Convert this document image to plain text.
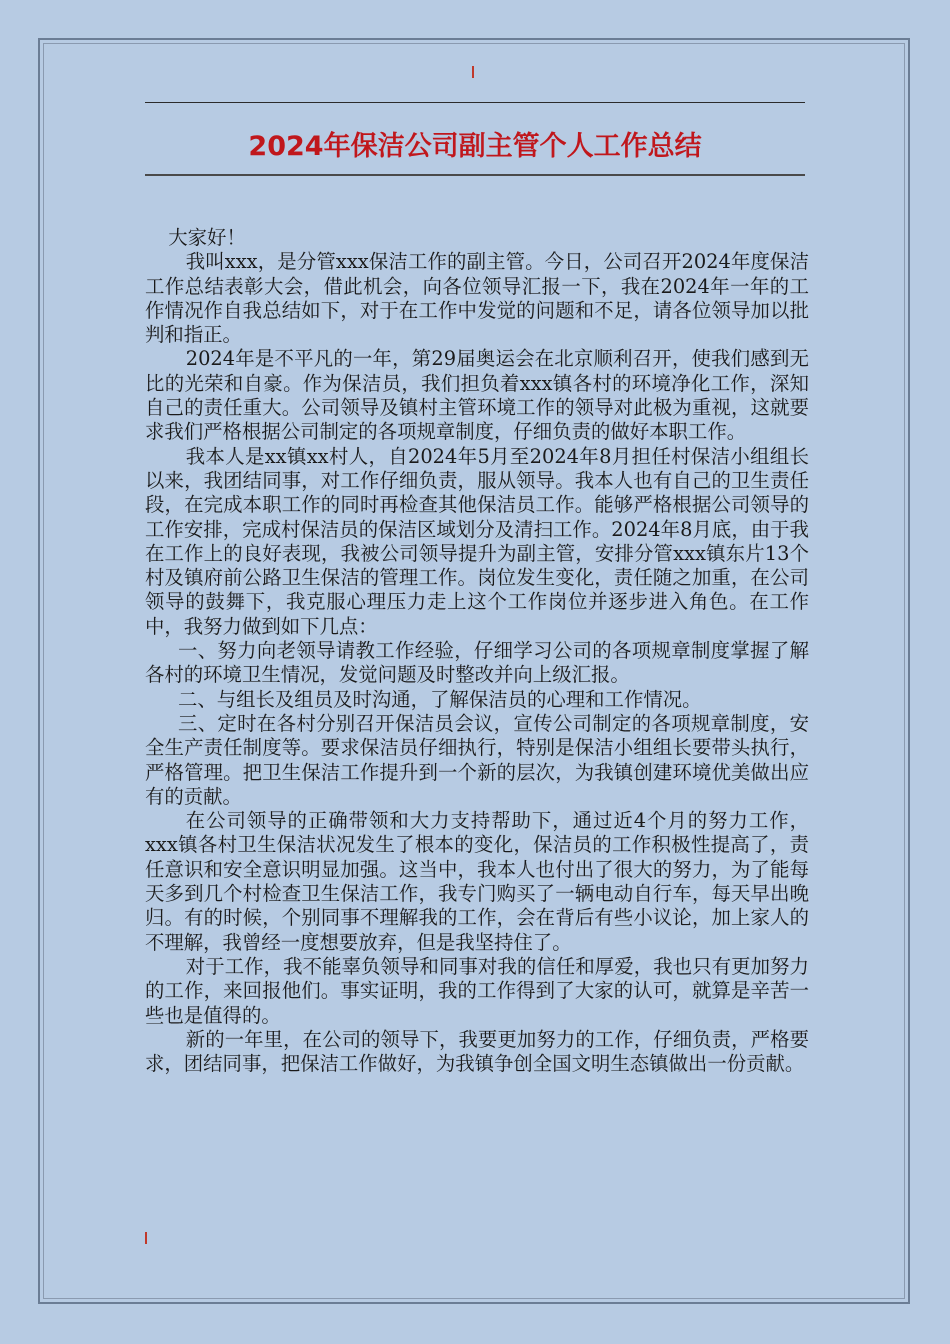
2024年保洁公司副主管个人工作总结

大家好！

我叫xxx，是分管xxx保洁工作的副主管。今日，公司召开2024年度保洁工作总结表彰大会，借此机会，向各位领导汇报一下，我在2024年一年的工作情况作自我总结如下，对于在工作中发觉的问题和不足，请各位领导加以批判和指正。

2024年是不平凡的一年，第29届奥运会在北京顺利召开，使我们感到无比的光荣和自豪。作为保洁员，我们担负着xxx镇各村的环境净化工作，深知自己的责任重大。公司领导及镇村主管环境工作的领导对此极为重视，这就要求我们严格根据公司制定的各项规章制度，仔细负责的做好本职工作。

我本人是xx镇xx村人，自2024年5月至2024年8月担任村保洁小组组长以来，我团结同事，对工作仔细负责，服从领导。我本人也有自己的卫生责任段，在完成本职工作的同时再检查其他保洁员工作。能够严格根据公司领导的工作安排，完成村保洁员的保洁区域划分及清扫工作。2024年8月底，由于我在工作上的良好表现，我被公司领导提升为副主管，安排分管xxx镇东片13个村及镇府前公路卫生保洁的管理工作。岗位发生变化，责任随之加重，在公司领导的鼓舞下，我克服心理压力走上这个工作岗位并逐步进入角色。在工作中，我努力做到如下几点：

一、努力向老领导请教工作经验，仔细学习公司的各项规章制度掌握了解各村的环境卫生情况，发觉问题及时整改并向上级汇报。

二、与组长及组员及时沟通，了解保洁员的心理和工作情况。

三、定时在各村分别召开保洁员会议，宣传公司制定的各项规章制度，安全生产责任制度等。要求保洁员仔细执行，特别是保洁小组组长要带头执行，严格管理。把卫生保洁工作提升到一个新的层次，为我镇创建环境优美做出应有的贡献。

在公司领导的正确带领和大力支持帮助下，通过近4个月的努力工作，xxx镇各村卫生保洁状况发生了根本的变化，保洁员的工作积极性提高了，责任意识和安全意识明显加强。这当中，我本人也付出了很大的努力，为了能每天多到几个村检查卫生保洁工作，我专门购买了一辆电动自行车，每天早出晚归。有的时候，个别同事不理解我的工作，会在背后有些小议论，加上家人的不理解，我曾经一度想要放弃，但是我坚持住了。

对于工作，我不能辜负领导和同事对我的信任和厚爱，我也只有更加努力的工作，来回报他们。事实证明，我的工作得到了大家的认可，就算是辛苦一些也是值得的。

新的一年里，在公司的领导下，我要更加努力的工作，仔细负责，严格要求，团结同事，把保洁工作做好，为我镇争创全国文明生态镇做出一份贡献。
